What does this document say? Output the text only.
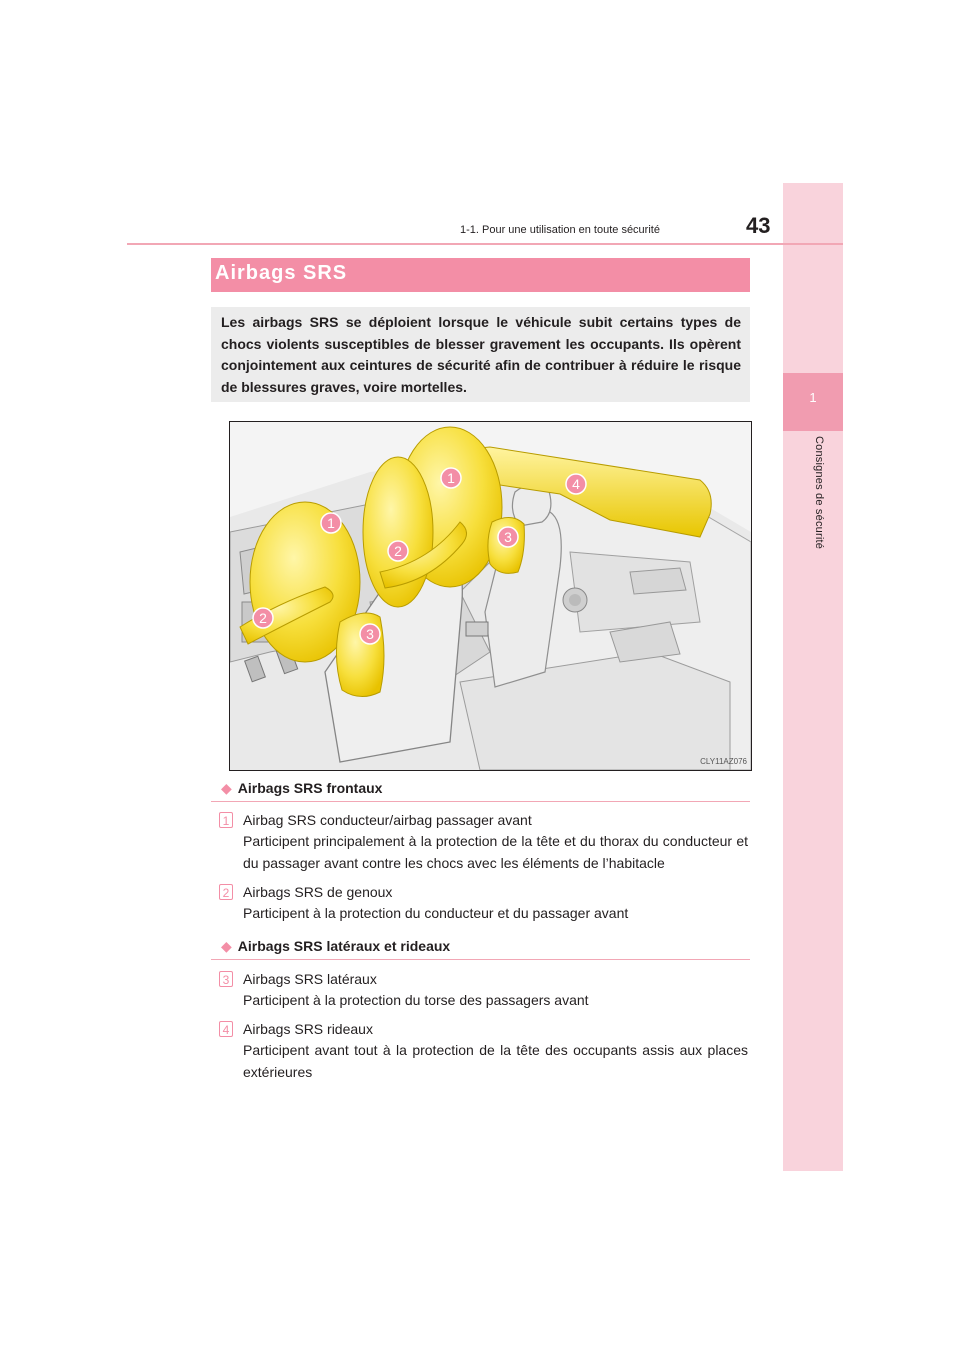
1
Consignes de sécurité
1-1. Pour une utilisation en toute sécurité	43
Airbags SRS
Les airbags SRS se déploient lorsque le véhicule subit certains types de chocs violents susceptibles de blesser gravement les occupants. Ils opèrent conjointement aux ceintures de sécurité afin de contribuer à réduire le risque de blessures graves, voire mortelles.
1
1
2
2
3
3
4
CLY11AZ076
◆ Airbags SRS frontaux
1 Airbag SRS conducteur/airbag passager avant
Participent principalement à la protection de la tête et du thorax du conducteur et du passager avant contre les chocs avec les éléments de l’habitacle
2 Airbags SRS de genoux
Participent à la protection du conducteur et du passager avant
◆ Airbags SRS latéraux et rideaux
3 Airbags SRS latéraux
Participent à la protection du torse des passagers avant
4 Airbags SRS rideaux
Participent avant tout à la protection de la tête des occupants assis aux places extérieures
